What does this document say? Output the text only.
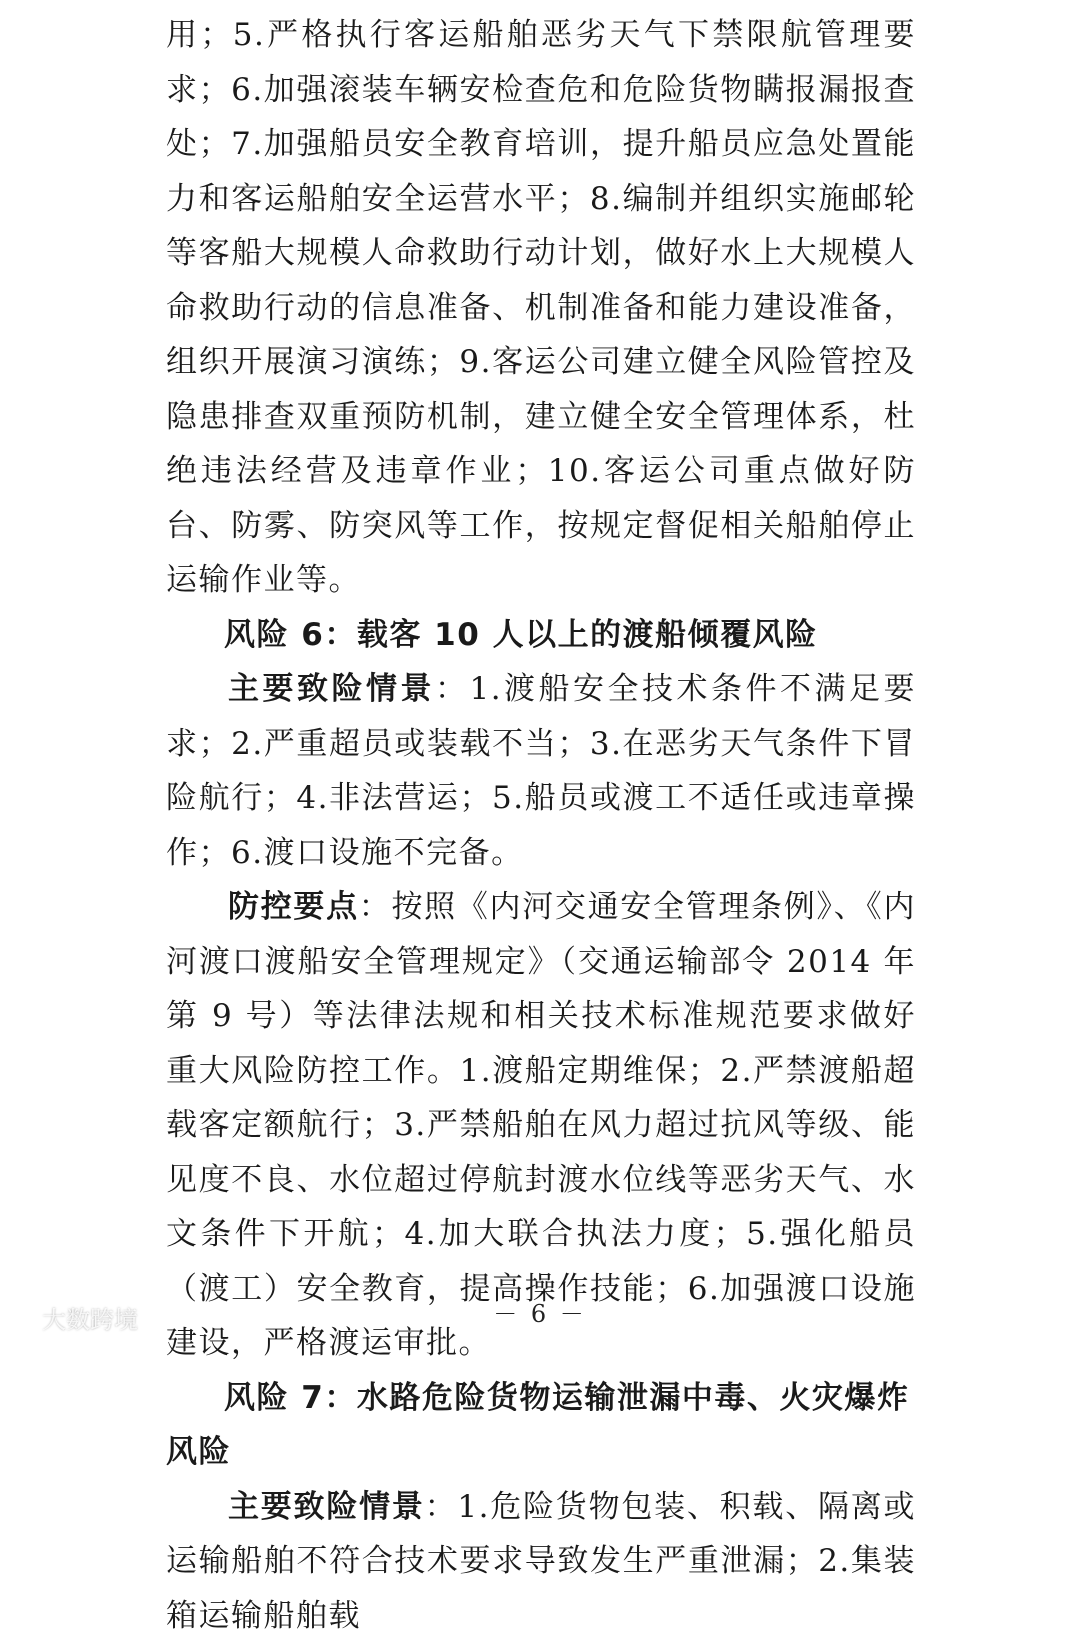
用；5.严格执行客运船舶恶劣天气下禁限航管理要求；6.加强滚装车辆安检查危和危险货物瞒报漏报查处；7.加强船员安全教育培训，提升船员应急处置能力和客运船舶安全运营水平；8.编制并组织实施邮轮等客船大规模人命救助行动计划，做好水上大规模人命救助行动的信息准备、机制准备和能力建设准备，组织开展演习演练；9.客运公司建立健全风险管控及隐患排查双重预防机制，建立健全安全管理体系，杜绝违法经营及违章作业；10.客运公司重点做好防台、防雾、防突风等工作，按规定督促相关船舶停止运输作业等。

风险 6：载客 10 人以上的渡船倾覆风险

主要致险情景：1.渡船安全技术条件不满足要求；2.严重超员或装载不当；3.在恶劣天气条件下冒险航行；4.非法营运；5.船员或渡工不适任或违章操作；6.渡口设施不完备。

防控要点：按照《内河交通安全管理条例》、《内河渡口渡船安全管理规定》（交通运输部令 2014 年第 9 号）等法律法规和相关技术标准规范要求做好重大风险防控工作。1.渡船定期维保；2.严禁渡船超载客定额航行；3.严禁船舶在风力超过抗风等级、能见度不良、水位超过停航封渡水位线等恶劣天气、水文条件下开航；4.加大联合执法力度；5.强化船员（渡工）安全教育，提高操作技能；6.加强渡口设施建设，严格渡运审批。

风险 7：水路危险货物运输泄漏中毒、火灾爆炸风险

主要致险情景：1.危险货物包装、积载、隔离或运输船舶不符合技术要求导致发生严重泄漏；2.集装箱运输船舶载

－ 6 －
大数跨境
